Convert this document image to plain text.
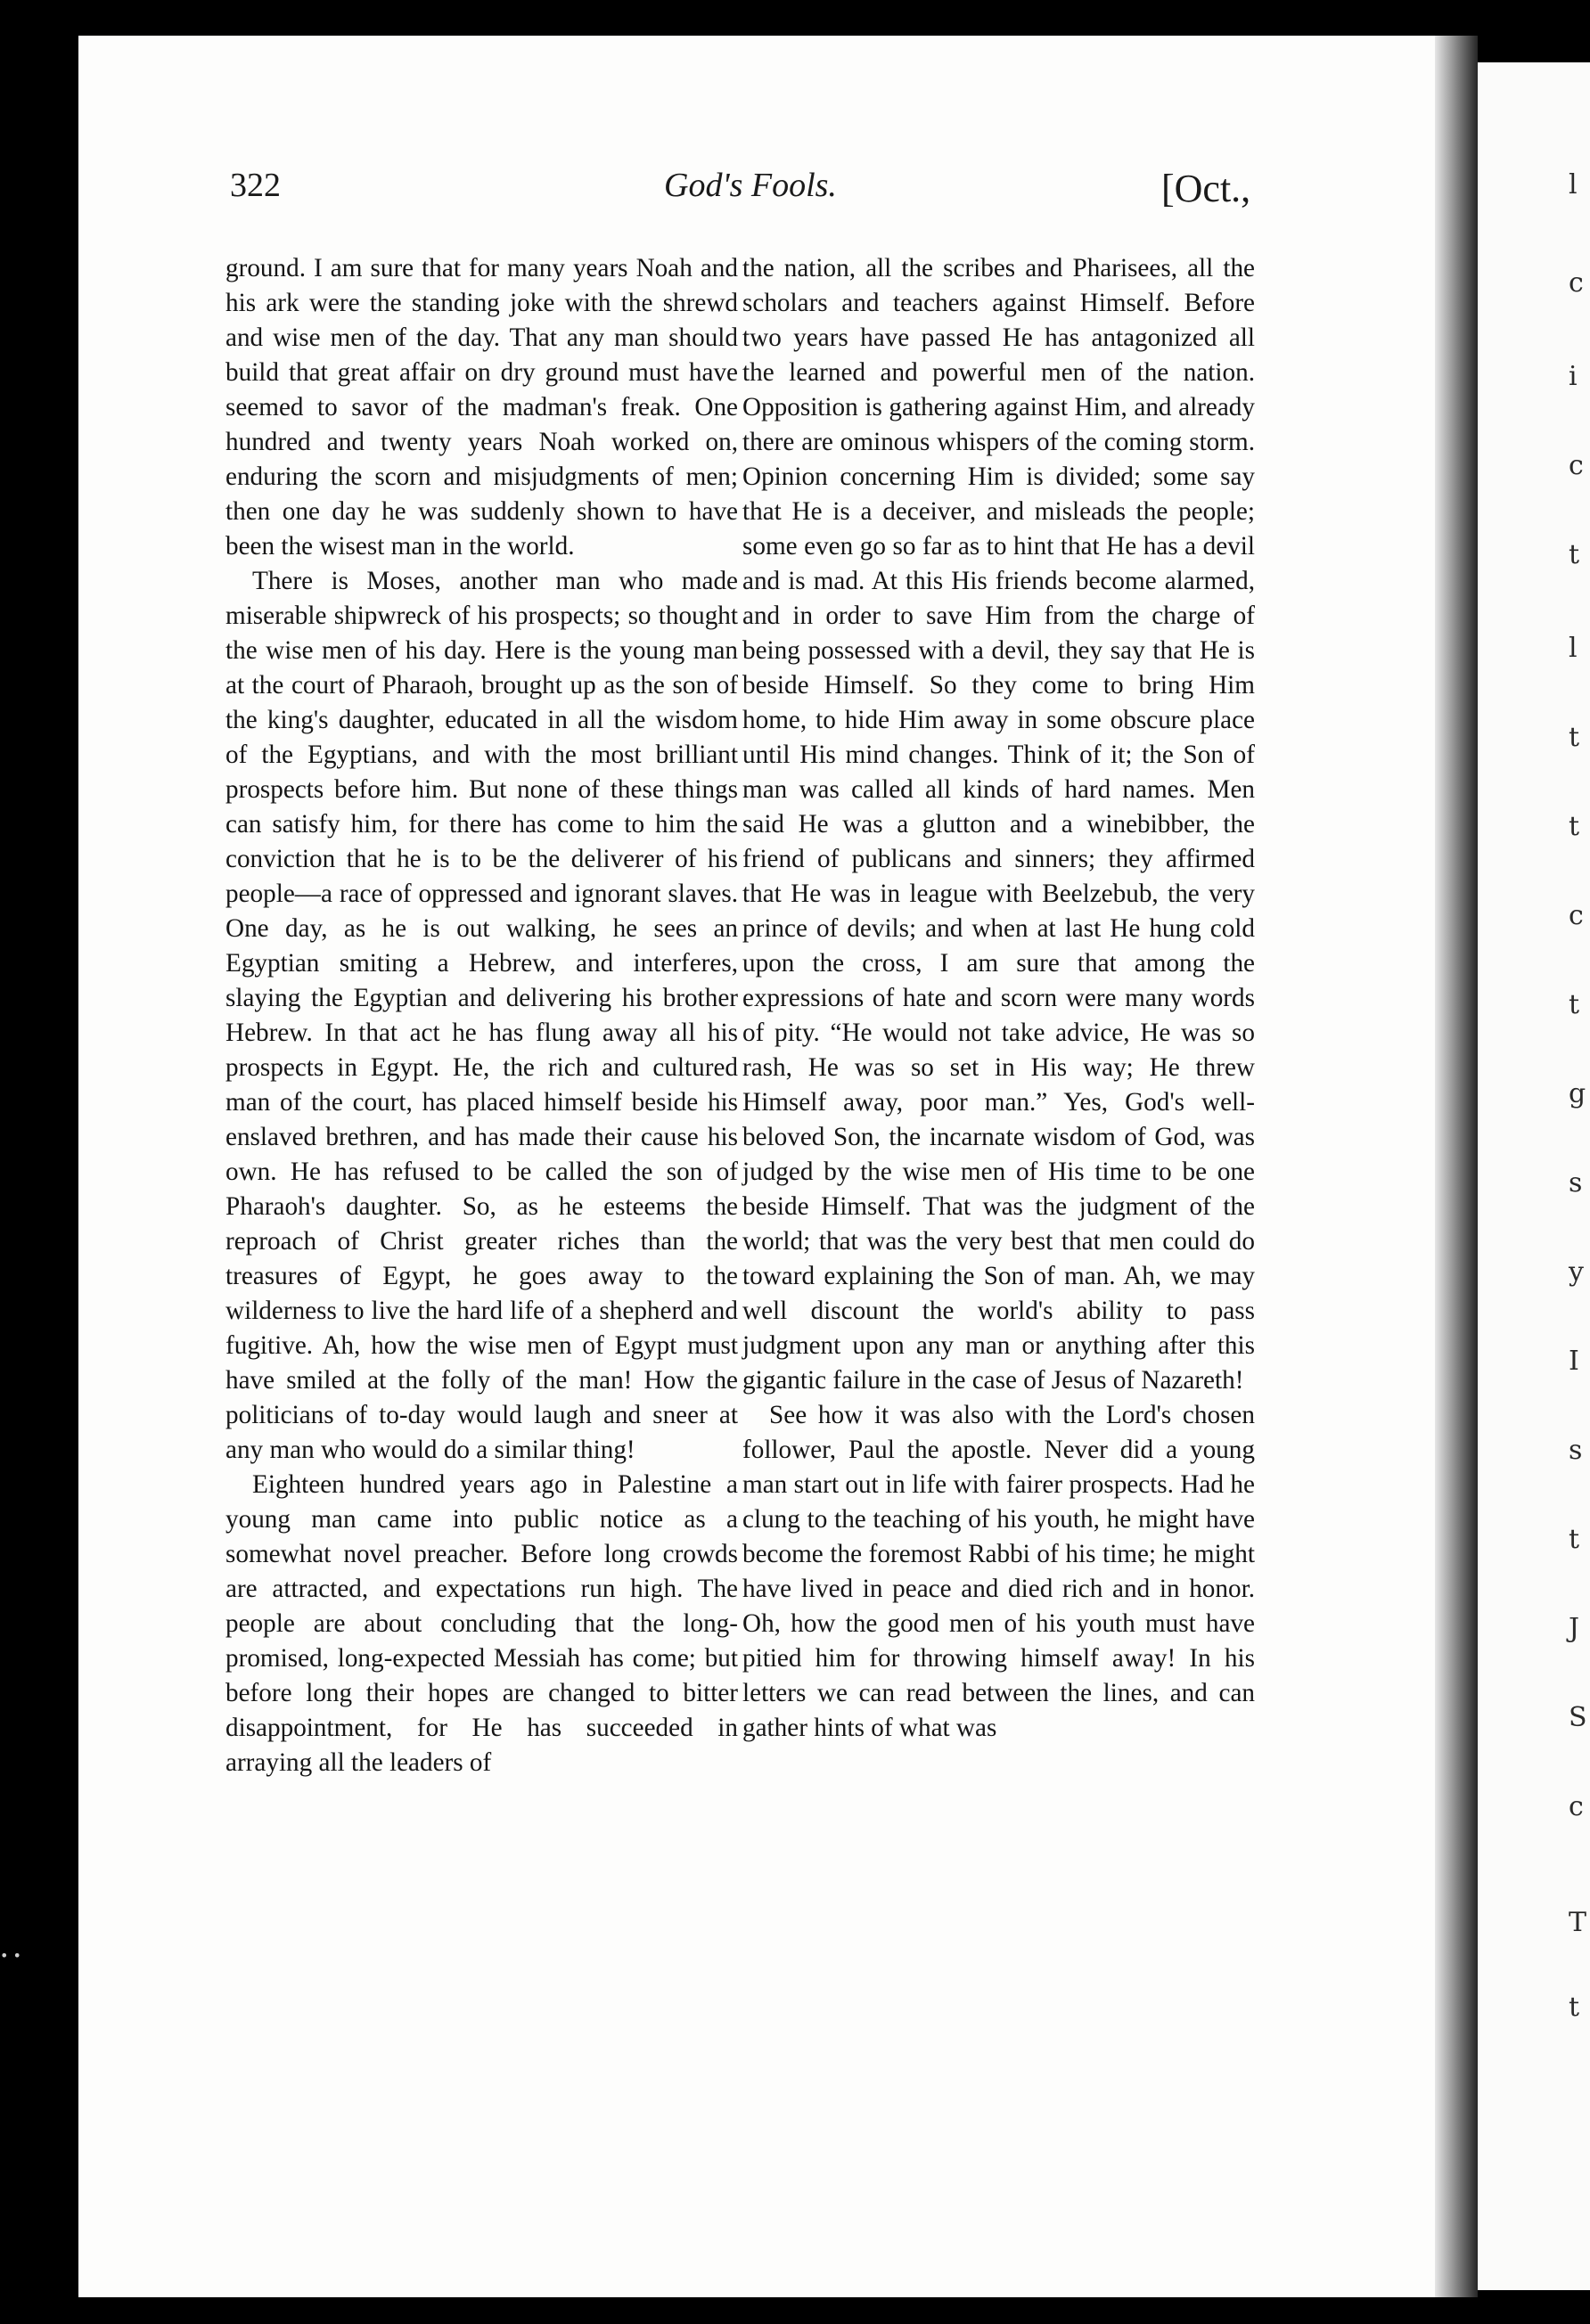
l
c
i
c
t
l
t
t
c
t
g
s
y
I
s
t
J
S
c
T
t
• •
322	God's Fools.	[Oct.,

ground. I am sure that for many years Noah and his ark were the standing joke with the shrewd and wise men of the day. That any man should build that great affair on dry ground must have seemed to savor of the madman's freak. One hundred and twenty years Noah worked on, enduring the scorn and misjudgments of men; then one day he was suddenly shown to have been the wisest man in the world.

There is Moses, another man who made miserable shipwreck of his prospects; so thought the wise men of his day. Here is the young man at the court of Pharaoh, brought up as the son of the king's daughter, educated in all the wisdom of the Egyptians, and with the most brilliant prospects before him. But none of these things can satisfy him, for there has come to him the conviction that he is to be the deliverer of his people—a race of oppressed and ignorant slaves. One day, as he is out walking, he sees an Egyptian smiting a Hebrew, and interferes, slaying the Egyptian and delivering his brother Hebrew. In that act he has flung away all his prospects in Egypt. He, the rich and cultured man of the court, has placed himself beside his enslaved brethren, and has made their cause his own. He has refused to be called the son of Pharaoh's daughter. So, as he esteems the reproach of Christ greater riches than the treasures of Egypt, he goes away to the wilderness to live the hard life of a shepherd and fugitive. Ah, how the wise men of Egypt must have smiled at the folly of the man! How the politicians of to-day would laugh and sneer at any man who would do a similar thing!

Eighteen hundred years ago in Palestine a young man came into public notice as a somewhat novel preacher. Before long crowds are attracted, and expectations run high. The people are about concluding that the long-promised, long-expected Messiah has come; but before long their hopes are changed to bitter disappointment, for He has succeeded in arraying all the leaders of

the nation, all the scribes and Pharisees, all the scholars and teachers against Himself. Before two years have passed He has antagonized all the learned and powerful men of the nation. Opposition is gathering against Him, and already there are ominous whispers of the coming storm. Opinion concerning Him is divided; some say that He is a deceiver, and misleads the people; some even go so far as to hint that He has a devil and is mad. At this His friends become alarmed, and in order to save Him from the charge of being possessed with a devil, they say that He is beside Himself. So they come to bring Him home, to hide Him away in some obscure place until His mind changes. Think of it; the Son of man was called all kinds of hard names. Men said He was a glutton and a winebibber, the friend of publicans and sinners; they affirmed that He was in league with Beelzebub, the very prince of devils; and when at last He hung cold upon the cross, I am sure that among the expressions of hate and scorn were many words of pity. “He would not take advice, He was so rash, He was so set in His way; He threw Himself away, poor man.” Yes, God's well-beloved Son, the incarnate wisdom of God, was judged by the wise men of His time to be one beside Himself. That was the judgment of the world; that was the very best that men could do toward explaining the Son of man. Ah, we may well discount the world's ability to pass judgment upon any man or anything after this gigantic failure in the case of Jesus of Nazareth!

See how it was also with the Lord's chosen follower, Paul the apostle. Never did a young man start out in life with fairer prospects. Had he clung to the teaching of his youth, he might have become the foremost Rabbi of his time; he might have lived in peace and died rich and in honor. Oh, how the good men of his youth must have pitied him for throwing himself away! In his letters we can read between the lines, and can gather hints of what was
